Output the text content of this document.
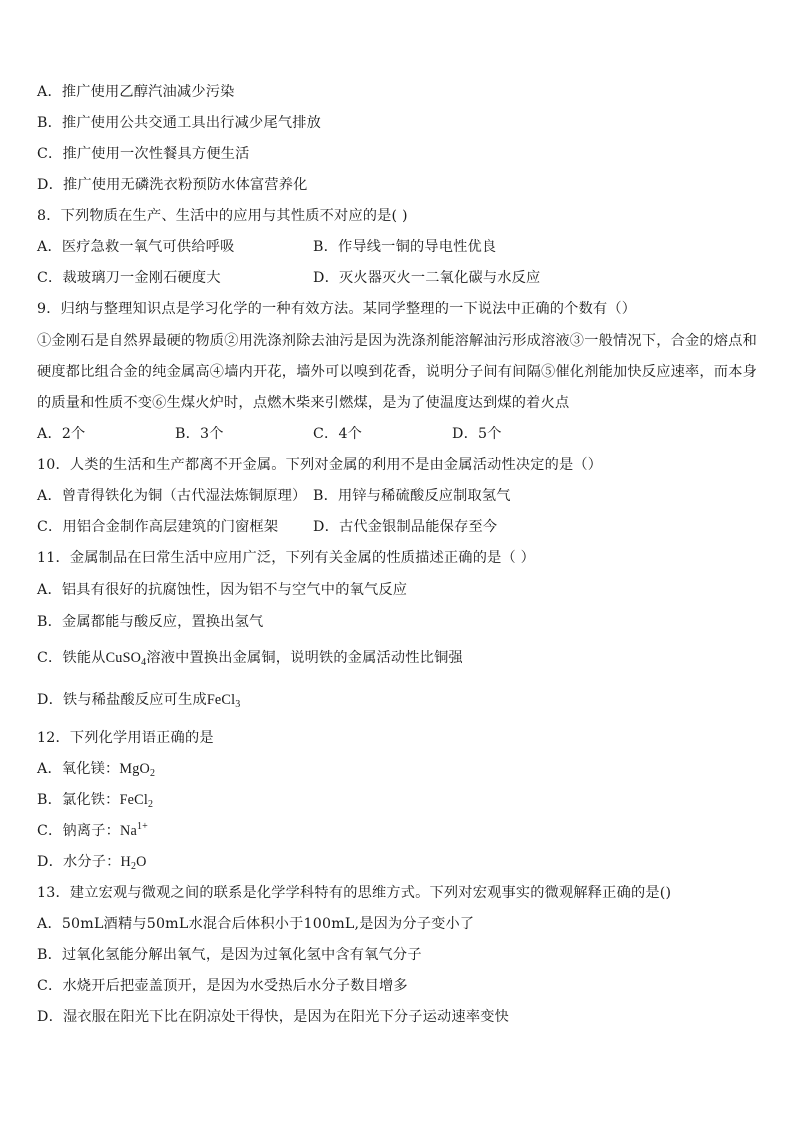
A．推广使用乙醇汽油减少污染
B．推广使用公共交通工具出行减少尾气排放
C．推广使用一次性餐具方便生活
D．推广使用无磷洗衣粉预防水体富营养化
8．下列物质在生产、生活中的应用与其性质不对应的是( )
A．医疗急救一氧气可供给呼吸	B．作导线一铜的导电性优良
C．裁玻璃刀一金刚石硬度大	D．灭火器灭火一二氧化碳与水反应
9．归纳与整理知识点是学习化学的一种有效方法。某同学整理的一下说法中正确的个数有（）
①金刚石是自然界最硬的物质②用洗涤剂除去油污是因为洗涤剂能溶解油污形成溶液③一般情况下，合金的熔点和硬度都比组合金的纯金属高④墙内开花，墙外可以嗅到花香，说明分子间有间隔⑤催化剂能加快反应速率，而本身的质量和性质不变⑥生煤火炉时，点燃木柴来引燃煤，是为了使温度达到煤的着火点
A．2个	B．3个	C．4个	D．5个
10．人类的生活和生产都离不开金属。下列对金属的利用不是由金属活动性决定的是（）
A．曾青得铁化为铜（古代湿法炼铜原理） B．用锌与稀硫酸反应制取氢气
C．用铝合金制作高层建筑的门窗框架 D．古代金银制品能保存至今
11．金属制品在曰常生活中应用广泛，下列有关金属的性质描述正确的是（ ）
A．铝具有很好的抗腐蚀性，因为铝不与空气中的氧气反应
B．金属都能与酸反应，置换出氢气
C．铁能从CuSO$_4$溶液中置换出金属铜，说明铁的金属活动性比铜强
D．铁与稀盐酸反应可生成FeCl$_3$
12．下列化学用语正确的是
A．氧化镁：MgO$_2$
B．氯化铁：FeCl$_2$
C．钠离子：$Na^{1+}$
D．水分子：$H_2O$
13．建立宏观与微观之间的联系是化学学科特有的思维方式。下列对宏观事实的微观解释正确的是()
A．50mL酒精与50mL水混合后体积小于100mL,是因为分子变小了
B．过氧化氢能分解出氧气，是因为过氧化氢中含有氧气分子
C．水烧开后把壶盖顶开，是因为水受热后水分子数目增多
D．湿衣服在阳光下比在阴凉处干得快，是因为在阳光下分子运动速率变快
